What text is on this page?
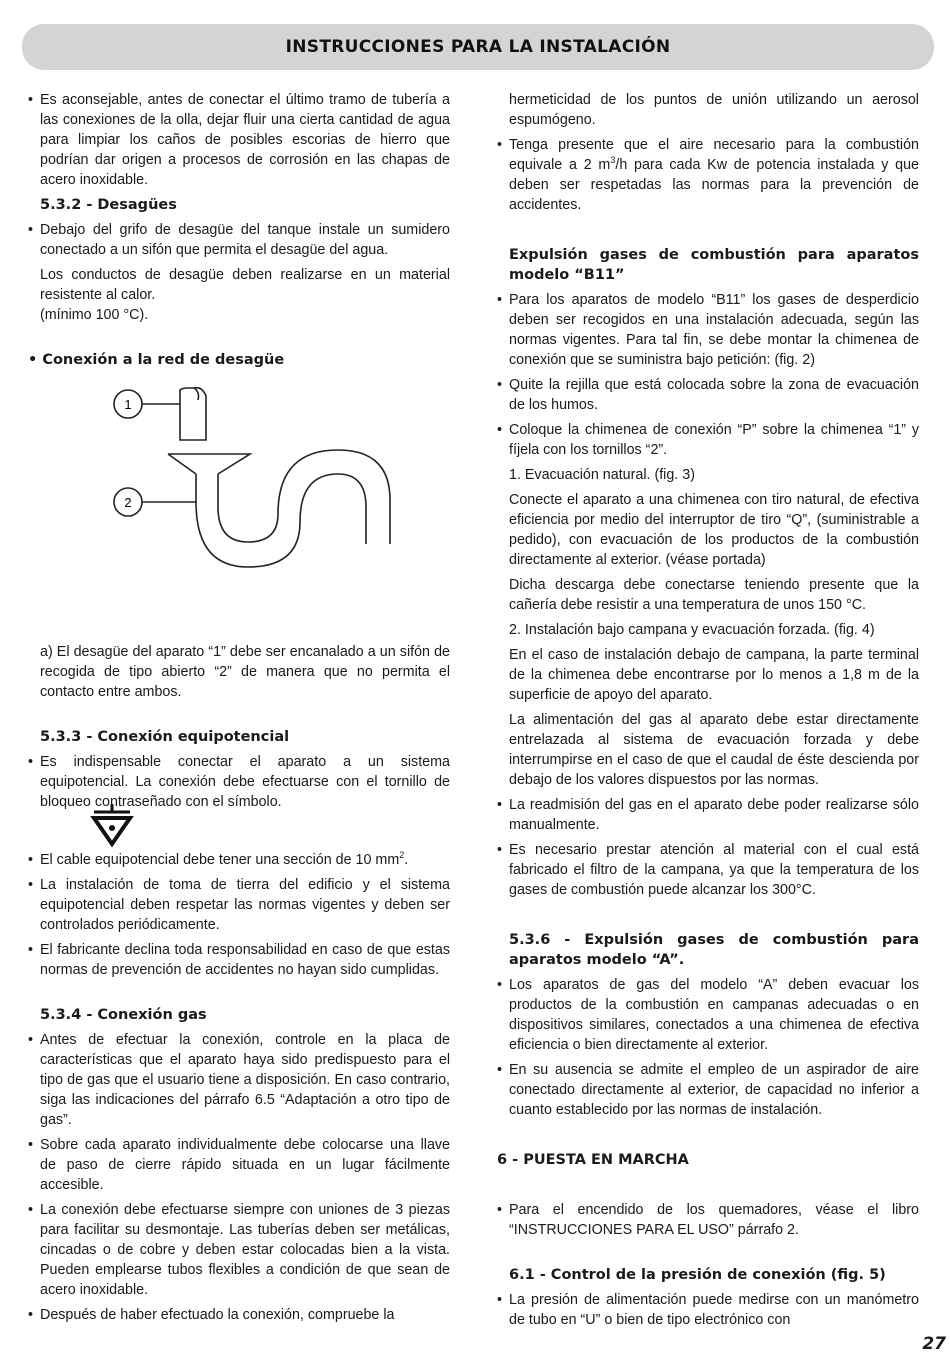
INSTRUCCIONES PARA LA INSTALACIÓN

• Es aconsejable, antes de conectar el último tramo de tubería a las conexiones de la olla, dejar fluir una cierta cantidad de agua para limpiar los caños de posibles escorias de hierro que podrían dar origen a procesos de corrosión en las chapas de acero inoxidable.

5.3.2 - Desagües

• Debajo del grifo de desagüe del tanque instale un sumidero conectado a un sifón que permita el desagüe del agua.

Los conductos de desagüe deben realizarse en un material resistente al calor.

(mínimo 100 °C).

• Conexión a la red de desagüe
1
2

a) El desagüe del aparato “1” debe ser encanalado a un sifón de recogida de tipo abierto “2” de manera que no permita el contacto entre ambos.

5.3.3 - Conexión equipotencial

• Es indispensable conectar el aparato a un sistema equipotencial. La conexión debe efectuarse con el tornillo de bloqueo contraseñado con el símbolo.

• El cable equipotencial debe tener una sección de 10 $mm^2$.

• La instalación de toma de tierra del edificio y el sistema equipotencial deben respetar las normas vigentes y deben ser controlados periódicamente.

• El fabricante declina toda responsabilidad en caso de que estas normas de prevención de accidentes no hayan sido cumplidas.

5.3.4 - Conexión gas

• Antes de efectuar la conexión, controle en la placa de características que el aparato haya sido predispuesto para el tipo de gas que el usuario tiene a disposición. En caso contrario, siga las indicaciones del párrafo 6.5 “Adaptación a otro tipo de gas”.

• Sobre cada aparato individualmente debe colocarse una llave de paso de cierre rápido situada en un lugar fácilmente accesible.

• La conexión debe efectuarse siempre con uniones de 3 piezas para facilitar su desmontaje. Las tuberías deben ser metálicas, cincadas o de cobre y deben estar colocadas bien a la vista. Pueden emplearse tubos flexibles a condición de que sean de acero inoxidable.

• Después de haber efectuado la conexión, compruebe la

hermeticidad de los puntos de unión utilizando un aerosol espumógeno.

• Tenga presente que el aire necesario para la combustión equivale a 2 $m^3/h$ para cada Kw de potencia instalada y que deben ser respetadas las normas para la prevención de accidentes.

Expulsión gases de combustión para aparatos modelo “B11”

• Para los aparatos de modelo “B11” los gases de desperdicio deben ser recogidos en una instalación adecuada, según las normas vigentes. Para tal fin, se debe montar la chimenea de conexión que se suministra bajo petición: (fig. 2)

• Quite la rejilla que está colocada sobre la zona de evacuación de los humos.

• Coloque la chimenea de conexión “P” sobre la chimenea “1” y fíjela con los tornillos “2”.

1. Evacuación natural. (fig. 3)

Conecte el aparato a una chimenea con tiro natural, de efectiva eficiencia por medio del interruptor de tiro “Q”, (suministrable a pedido), con evacuación de los productos de la combustión directamente al exterior. (véase portada)

Dicha descarga debe conectarse teniendo presente que la cañería debe resistir a una temperatura de unos 150 °C.

2. Instalación bajo campana y evacuación forzada. (fig. 4)

En el caso de instalación debajo de campana, la parte terminal de la chimenea debe encontrarse por lo menos a 1,8 m de la superficie de apoyo del aparato.

La alimentación del gas al aparato debe estar directamente entrelazada al sistema de evacuación forzada y debe interrumpirse en el caso de que el caudal de éste descienda por debajo de los valores dispuestos por las normas.

• La readmisión del gas en el aparato debe poder realizarse sólo manualmente.

• Es necesario prestar atención al material con el cual está fabricado el filtro de la campana, ya que la temperatura de los gases de combustión puede alcanzar los 300°C.

5.3.6 - Expulsión gases de combustión para aparatos modelo “A”.

• Los aparatos de gas del modelo “A” deben evacuar los productos de la combustión en campanas adecuadas o en dispositivos similares, conectados a una chimenea de efectiva eficiencia o bien directamente al exterior.

• En su ausencia se admite el empleo de un aspirador de aire conectado directamente al exterior, de capacidad no inferior a cuanto establecido por las normas de instalación.

6 - PUESTA EN MARCHA

• Para el encendido de los quemadores, véase el libro “INSTRUCCIONES PARA EL USO” párrafo 2.

6.1 - Control de la presión de conexión (fig. 5)

• La presión de alimentación puede medirse con un manómetro de tubo en “U” o bien de tipo electrónico con

27
